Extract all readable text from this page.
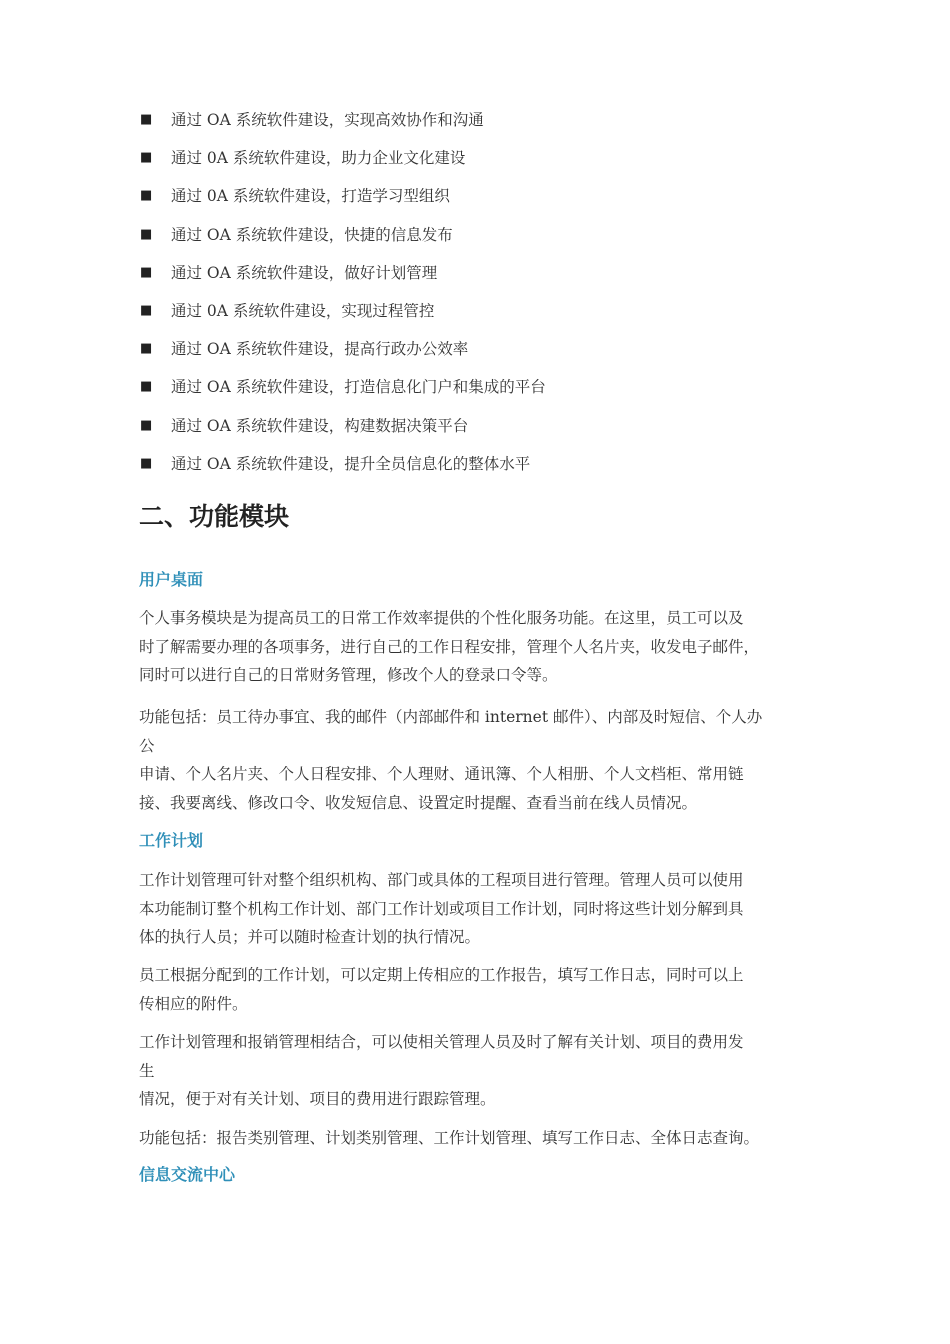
■	通过 OA 系统软件建设，实现高效协作和沟通
■	通过 0A 系统软件建设，助力企业文化建设
■	通过 0A 系统软件建设，打造学习型组织
■	通过 OA 系统软件建设，快捷的信息发布
■	通过 OA 系统软件建设，做好计划管理
■	通过 0A 系统软件建设，实现过程管控
■	通过 OA 系统软件建设，提高行政办公效率
■	通过 OA 系统软件建设，打造信息化门户和集成的平台
■	通过 OA 系统软件建设，构建数据决策平台
■	通过 OA 系统软件建设，提升全员信息化的整体水平
二、功能模块
用户桌面

个人事务模块是为提高员工的日常工作效率提供的个性化服务功能。在这里，员工可以及
时了解需要办理的各项事务，进行自己的工作日程安排，管理个人名片夹，收发电子邮件，
同时可以进行自己的日常财务管理，修改个人的登录口令等。

功能包括：员工待办事宜、我的邮件（内部邮件和 internet 邮件）、内部及时短信、个人办
公
申请、个人名片夹、个人日程安排、个人理财、通讯簿、个人相册、个人文档柜、常用链
接、我要离线、修改口令、收发短信息、设置定时提醒、查看当前在线人员情况。

工作计划

工作计划管理可针对整个组织机构、部门或具体的工程项目进行管理。管理人员可以使用
本功能制订整个机构工作计划、部门工作计划或项目工作计划，同时将这些计划分解到具
体的执行人员；并可以随时检查计划的执行情况。

员工根据分配到的工作计划，可以定期上传相应的工作报告，填写工作日志，同时可以上
传相应的附件。

工作计划管理和报销管理相结合，可以使相关管理人员及时了解有关计划、项目的费用发
生
情况，便于对有关计划、项目的费用进行跟踪管理。

功能包括：报告类别管理、计划类别管理、工作计划管理、填写工作日志、全体日志查询。

信息交流中心
